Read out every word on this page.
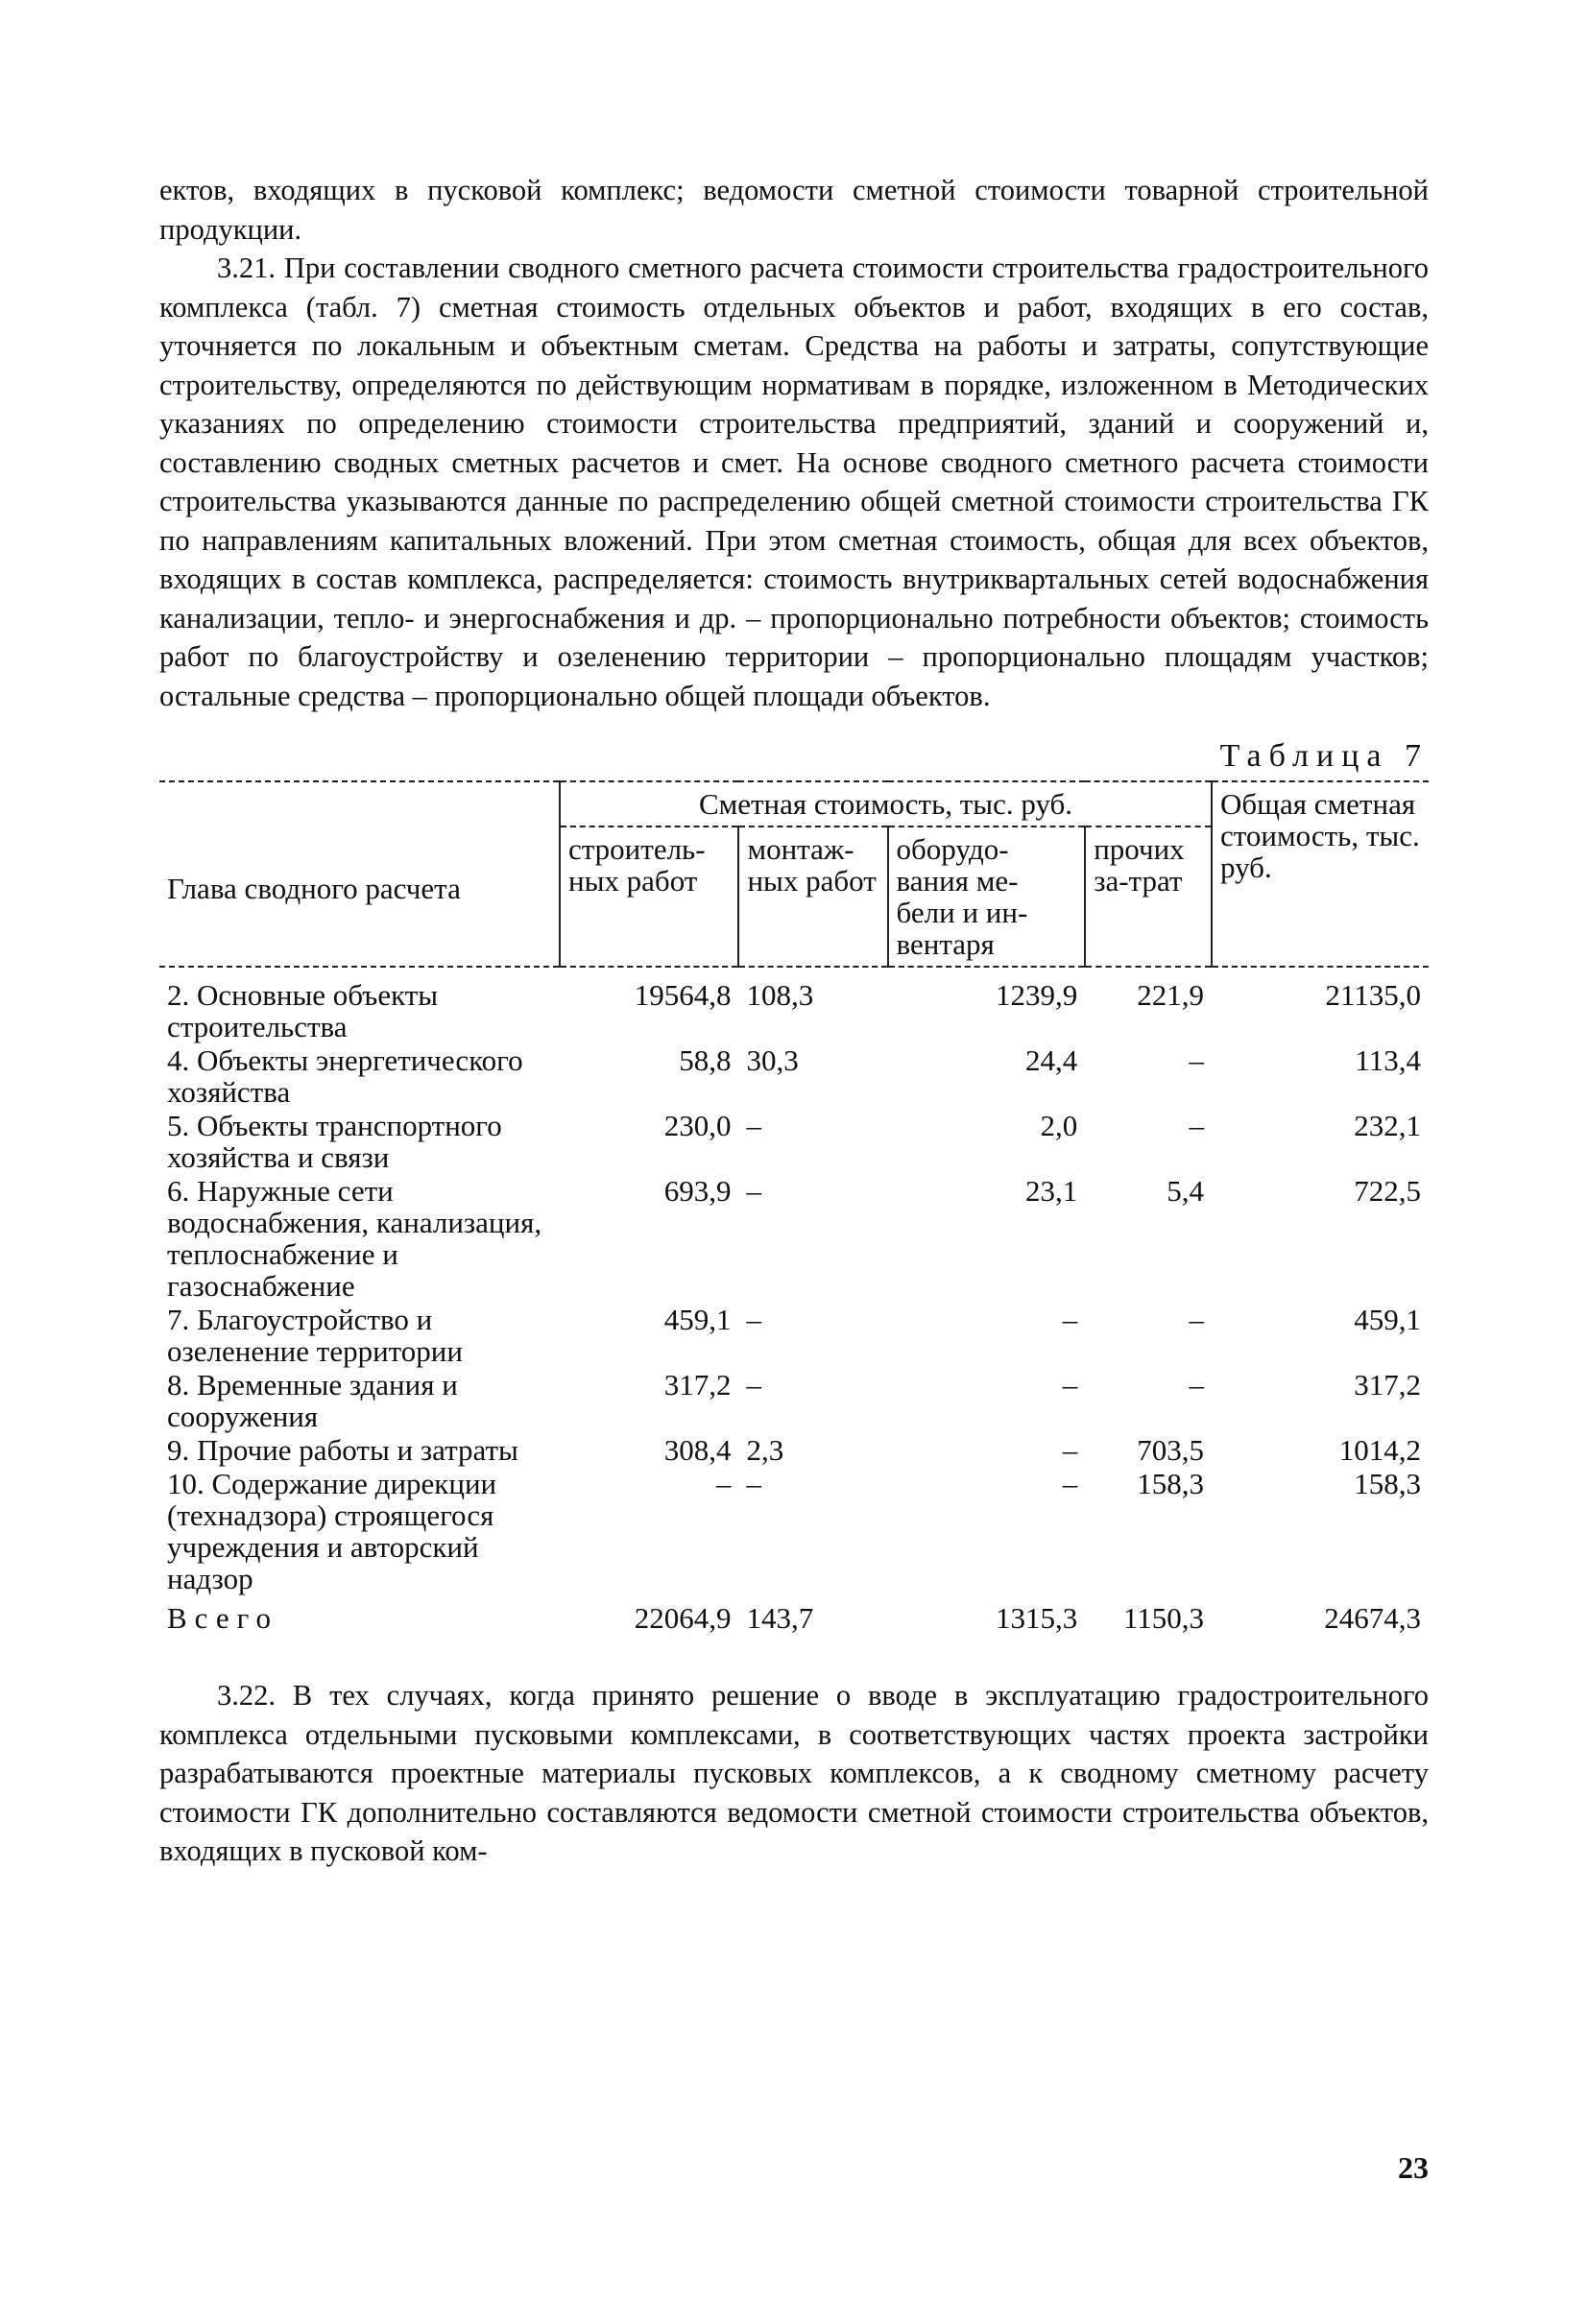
ектов, входящих в пусковой комплекс; ведомости сметной стоимости товарной строительной продукции.

3.21. При составлении сводного сметного расчета стоимости строительства градостроительного комплекса (табл. 7) сметная стоимость отдельных объектов и работ, входящих в его состав, уточняется по локальным и объектным сметам. Средства на работы и затраты, сопутствующие строительству, определяются по действующим нормативам в порядке, изложенном в Методических указаниях по определению стоимости строительства предприятий, зданий и сооружений и, составлению сводных сметных расчетов и смет. На основе сводного сметного расчета стоимости строительства указываются данные по распределению общей сметной стоимости строительства ГК по направлениям капитальных вложений. При этом сметная стоимость, общая для всех объектов, входящих в состав комплекса, распределяется: стоимость внутриквартальных сетей водоснабжения канализации, тепло- и энергоснабжения и др. – пропорционально потребности объектов; стоимость работ по благоустройству и озеленению территории – пропорционально площадям участков; остальные средства – пропорционально общей площади объектов.

Таблица 7
Глава сводного расчета	Сметная стоимость, тыс. руб.				Общая сметная стоимость, тыс. руб.
	строитель-ных работ	монтаж-ных работ	оборудо-вания ме-бели и ин-вентаря	прочих за-трат	
2. Основные объекты строительства	19564,8	108,3	1239,9	221,9	21135,0
4. Объекты энергетического хозяйства	58,8	30,3	24,4	–	113,4
5. Объекты транспортного хозяйства и связи	230,0	–	2,0	–	232,1
6. Наружные сети водоснабжения, канализация, теплоснабжение и газоснабжение	693,9	–	23,1	5,4	722,5
7. Благоустройство и озеленение территории	459,1	–	–	–	459,1
8. Временные здания и сооружения	317,2	–	–	–	317,2
9. Прочие работы и затраты	308,4	2,3	–	703,5	1014,2
10. Содержание дирекции (технадзора) строящегося учреждения и авторский надзор	–	–	–	158,3	158,3
Всего	22064,9	143,7	1315,3	1150,3	24674,3

3.22. В тех случаях, когда принято решение о вводе в эксплуатацию градостроительного комплекса отдельными пусковыми комплексами, в соответствующих частях проекта застройки разрабатываются проектные материалы пусковых комплексов, а к сводному сметному расчету стоимости ГК дополнительно составляются ведомости сметной стоимости строительства объектов, входящих в пусковой ком-

23
